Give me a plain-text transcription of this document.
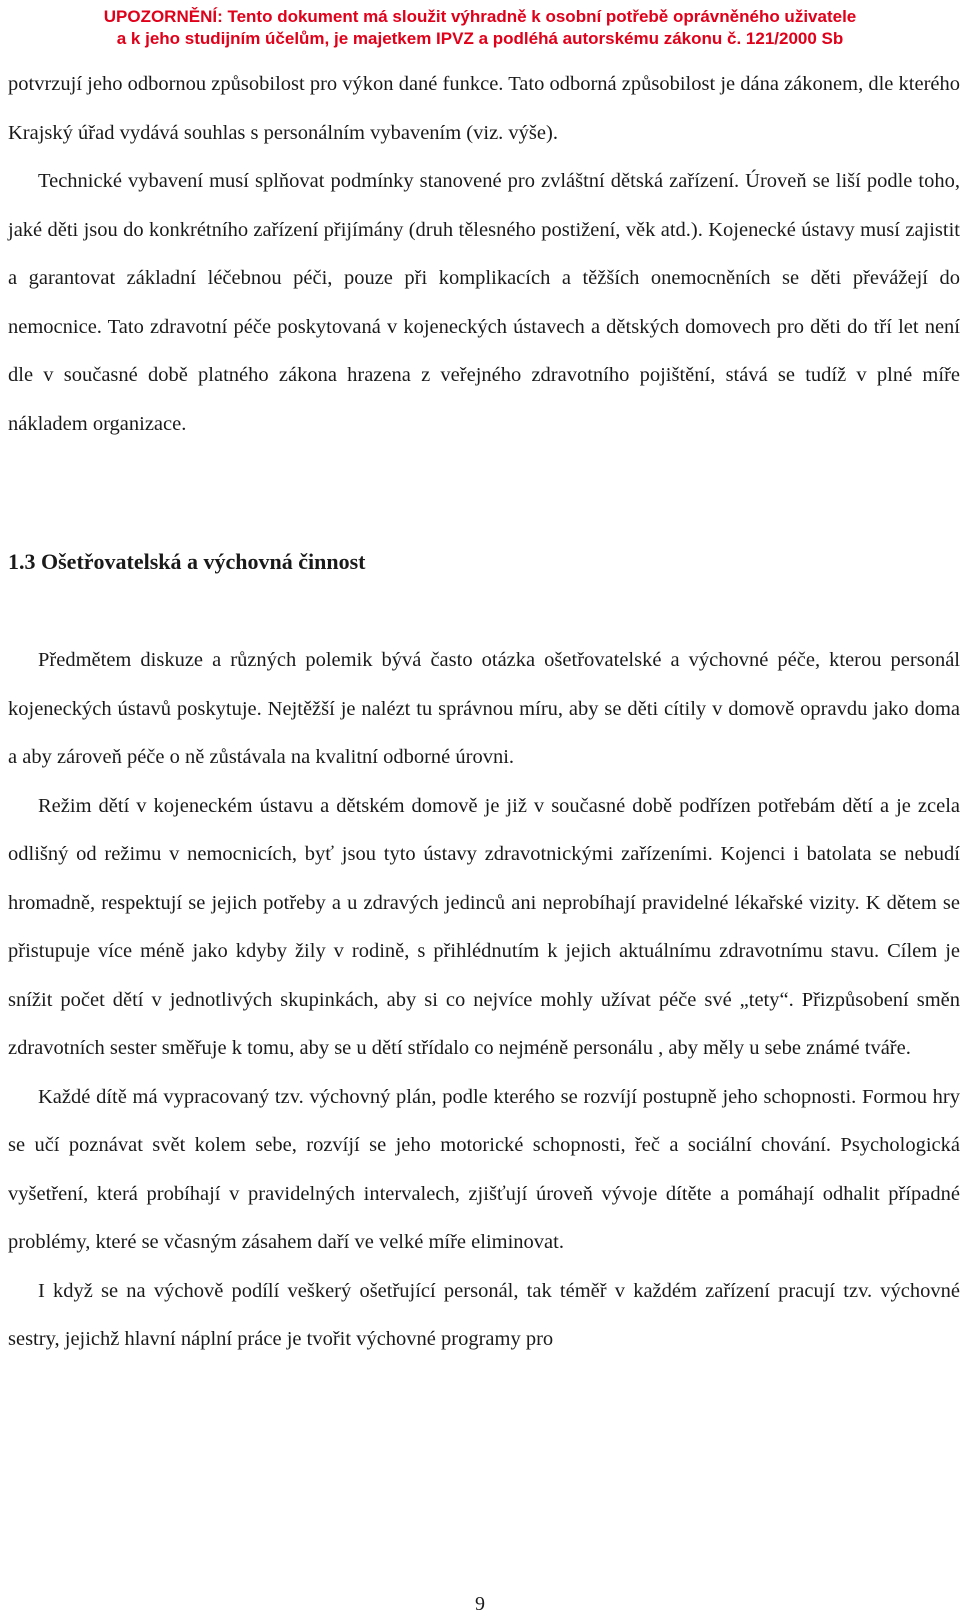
UPOZORNĚNÍ: Tento dokument má sloužit výhradně k osobní potřebě oprávněného uživatele
a k jeho studijním účelům, je majetkem IPVZ a podléhá autorskému zákonu č. 121/2000 Sb

potvrzují jeho odbornou způsobilost pro výkon dané funkce. Tato odborná způsobilost je dána zákonem, dle kterého Krajský úřad vydává souhlas s personálním vybavením (viz. výše).

Technické vybavení musí splňovat podmínky stanovené pro zvláštní dětská zařízení. Úroveň se liší podle toho, jaké děti jsou do konkrétního zařízení přijímány (druh tělesného postižení, věk atd.). Kojenecké ústavy musí zajistit a garantovat základní léčebnou péči, pouze při komplikacích a těžších onemocněních se děti převážejí do nemocnice. Tato zdravotní péče poskytovaná v kojeneckých ústavech a dětských domovech pro děti do tří let není dle v současné době platného zákona hrazena z veřejného zdravotního pojištění, stává se tudíž v plné míře nákladem organizace.

1.3 Ošetřovatelská a výchovná činnost

Předmětem diskuze a různých polemik bývá často otázka ošetřovatelské a výchovné péče, kterou personál kojeneckých ústavů poskytuje. Nejtěžší je nalézt tu správnou míru, aby se děti cítily v domově opravdu jako doma a aby zároveň péče o ně zůstávala na kvalitní odborné úrovni.

Režim dětí v kojeneckém ústavu a dětském domově je již v současné době podřízen potřebám dětí a je zcela odlišný od režimu v nemocnicích, byť jsou tyto ústavy zdravotnickými zařízeními. Kojenci i batolata se nebudí hromadně, respektují se jejich potřeby a u zdravých jedinců ani neprobíhají pravidelné lékařské vizity. K dětem se přistupuje více méně jako kdyby žily v rodině, s přihlédnutím k jejich aktuálnímu zdravotnímu stavu. Cílem je snížit počet dětí v jednotlivých skupinkách, aby si co nejvíce mohly užívat péče své „tety“. Přizpůsobení směn zdravotních sester směřuje k tomu, aby se u dětí střídalo co nejméně personálu , aby měly u sebe známé tváře.

Každé dítě má vypracovaný tzv. výchovný plán, podle kterého se rozvíjí postupně jeho schopnosti. Formou hry se učí poznávat svět kolem sebe, rozvíjí se jeho motorické schopnosti, řeč a sociální chování. Psychologická vyšetření, která probíhají v pravidelných intervalech, zjišťují úroveň vývoje dítěte a pomáhají odhalit případné problémy, které se včasným zásahem daří ve velké míře eliminovat.

I když se na výchově podílí veškerý ošetřující personál, tak téměř v každém zařízení pracují tzv. výchovné sestry, jejichž hlavní náplní práce je tvořit výchovné programy pro

9
